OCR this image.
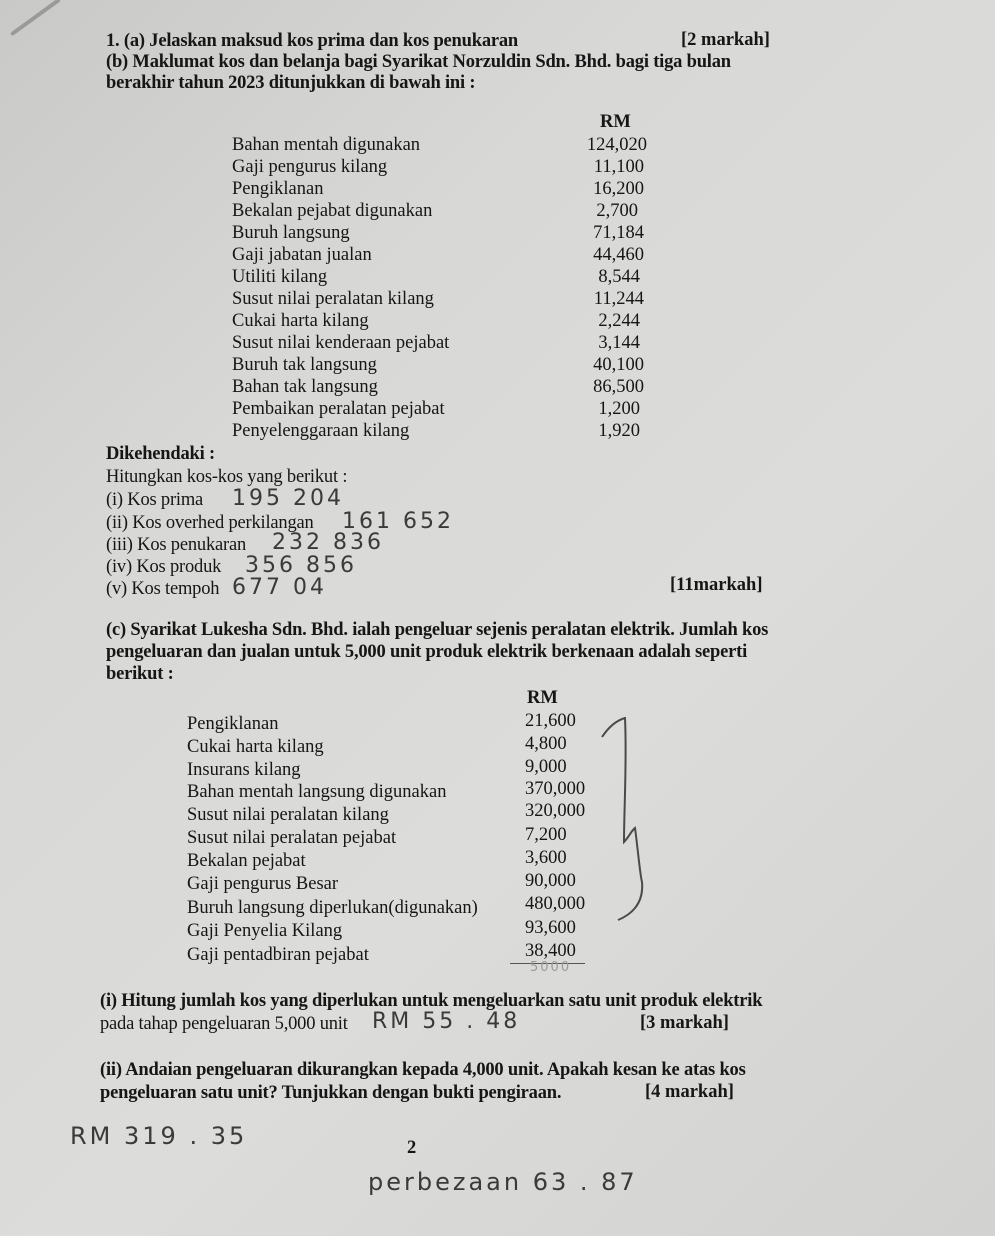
1. (a) Jelaskan maksud kos prima dan kos penukaran	[2 markah]
(b) Maklumat kos dan belanja bagi Syarikat Norzuldin Sdn. Bhd. bagi tiga bulan
berakhir tahun 2023 ditunjukkan di bawah ini :
RM
Bahan mentah digunakan	124,020
Gaji pengurus kilang	11,100
Pengiklanan	16,200
Bekalan pejabat digunakan	2,700
Buruh langsung	71,184
Gaji jabatan jualan	44,460
Utiliti kilang	8,544
Susut nilai peralatan kilang	11,244
Cukai harta kilang	2,244
Susut nilai kenderaan pejabat	3,144
Buruh tak langsung	40,100
Bahan tak langsung	86,500
Pembaikan peralatan pejabat	1,200
Penyelenggaraan kilang	1,920
Dikehendaki :
Hitungkan kos-kos yang berikut :
(i) Kos prima 195 204
(ii) Kos overhed perkilangan 161 652
(iii) Kos penukaran 232 836
(iv) Kos produk 356 856
(v) Kos tempoh 677 04	[11markah]
(c) Syarikat Lukesha Sdn. Bhd. ialah pengeluar sejenis peralatan elektrik. Jumlah kos
pengeluaran dan jualan untuk 5,000 unit produk elektrik berkenaan adalah seperti
berikut :
RM
Pengiklanan	21,600
Cukai harta kilang	4,800
Insurans kilang	9,000
Bahan mentah langsung digunakan	370,000
Susut nilai peralatan kilang	320,000
Susut nilai peralatan pejabat	7,200
Bekalan pejabat	3,600
Gaji pengurus Besar	90,000
Buruh langsung diperlukan(digunakan)	480,000
Gaji Penyelia Kilang	93,600
Gaji pentadbiran pejabat	38,400
5000
(i) Hitung jumlah kos yang diperlukan untuk mengeluarkan satu unit produk elektrik
pada tahap pengeluaran 5,000 unit RM 55 . 48	[3 markah]
(ii) Andaian pengeluaran dikurangkan kepada 4,000 unit. Apakah kesan ke atas kos
pengeluaran satu unit? Tunjukkan dengan bukti pengiraan.	[4 markah]
RM 319 . 35	2
perbezaan 63 . 87
